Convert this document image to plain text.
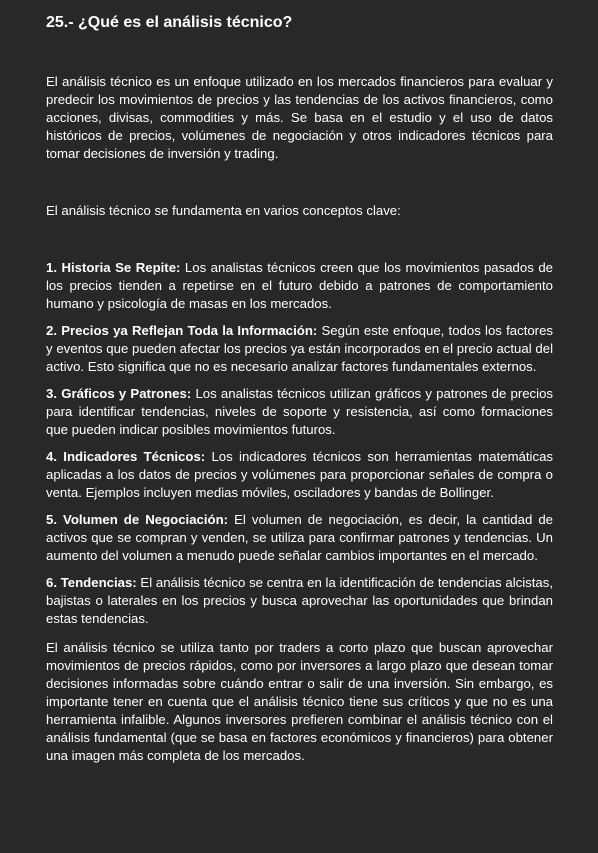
25.- ¿Qué es el análisis técnico?

El análisis técnico es un enfoque utilizado en los mercados financieros para evaluar y predecir los movimientos de precios y las tendencias de los activos financieros, como acciones, divisas, commodities y más. Se basa en el estudio y el uso de datos históricos de precios, volúmenes de negociación y otros indicadores técnicos para tomar decisiones de inversión y trading.

El análisis técnico se fundamenta en varios conceptos clave:

1. Historia Se Repite: Los analistas técnicos creen que los movimientos pasados de los precios tienden a repetirse en el futuro debido a patrones de comportamiento humano y psicología de masas en los mercados.

2. Precios ya Reflejan Toda la Información: Según este enfoque, todos los factores y eventos que pueden afectar los precios ya están incorporados en el precio actual del activo. Esto significa que no es necesario analizar factores fundamentales externos.

3. Gráficos y Patrones: Los analistas técnicos utilizan gráficos y patrones de precios para identificar tendencias, niveles de soporte y resistencia, así como formaciones que pueden indicar posibles movimientos futuros.

4. Indicadores Técnicos: Los indicadores técnicos son herramientas matemáticas aplicadas a los datos de precios y volúmenes para proporcionar señales de compra o venta. Ejemplos incluyen medias móviles, osciladores y bandas de Bollinger.

5. Volumen de Negociación: El volumen de negociación, es decir, la cantidad de activos que se compran y venden, se utiliza para confirmar patrones y tendencias. Un aumento del volumen a menudo puede señalar cambios importantes en el mercado.

6. Tendencias: El análisis técnico se centra en la identificación de tendencias alcistas, bajistas o laterales en los precios y busca aprovechar las oportunidades que brindan estas tendencias.

El análisis técnico se utiliza tanto por traders a corto plazo que buscan aprovechar movimientos de precios rápidos, como por inversores a largo plazo que desean tomar decisiones informadas sobre cuándo entrar o salir de una inversión. Sin embargo, es importante tener en cuenta que el análisis técnico tiene sus críticos y que no es una herramienta infalible. Algunos inversores prefieren combinar el análisis técnico con el análisis fundamental (que se basa en factores económicos y financieros) para obtener una imagen más completa de los mercados.
